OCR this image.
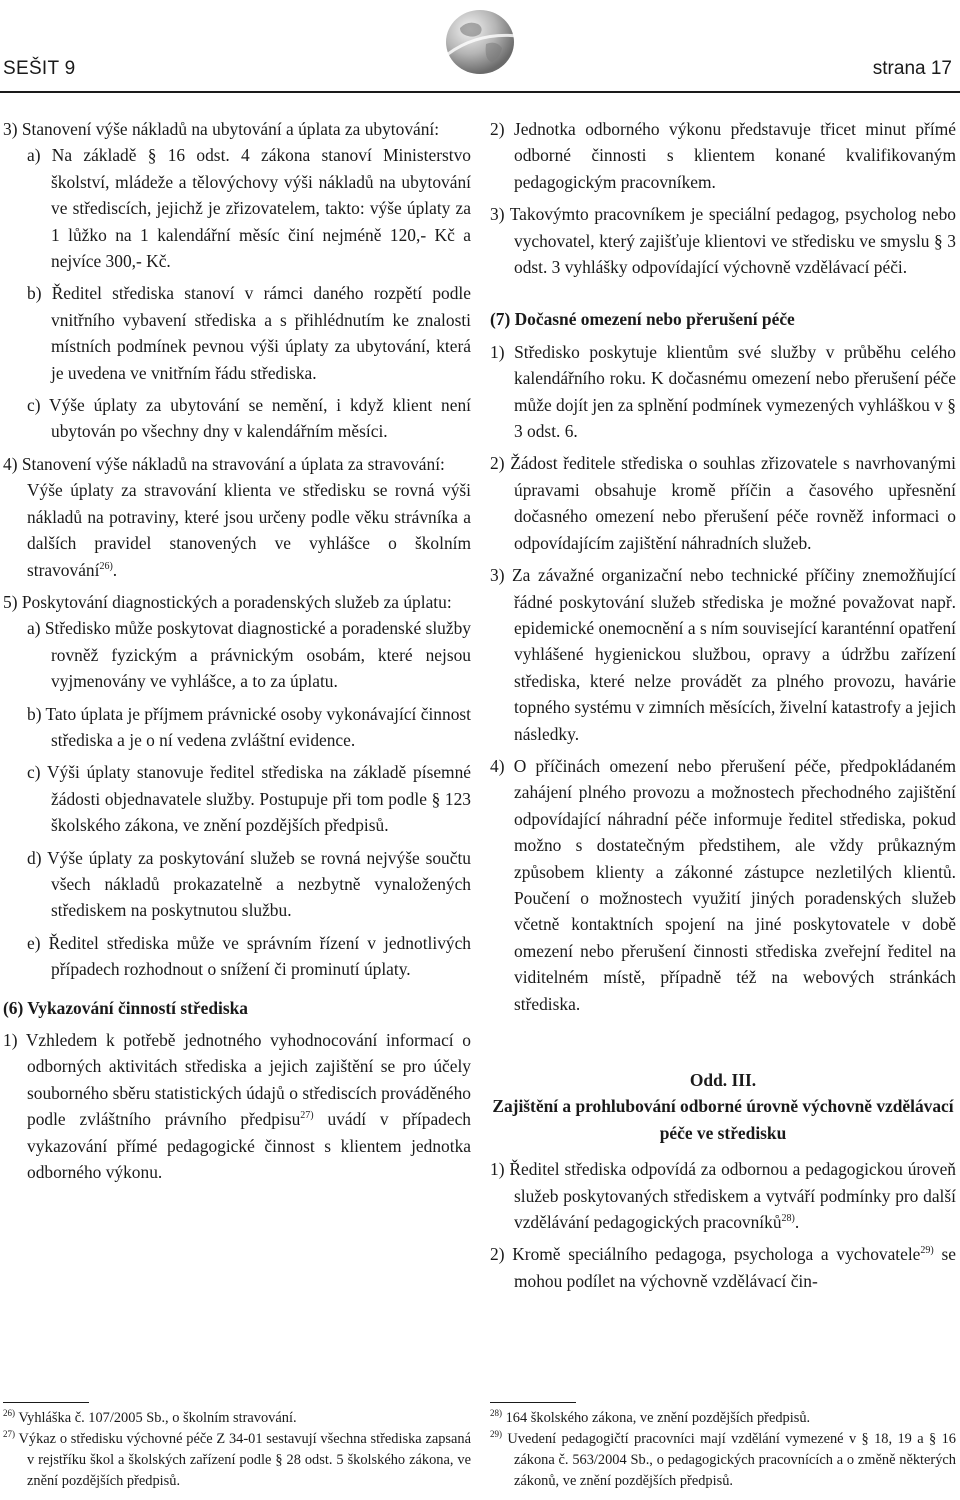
SEŠIT 9	strana 17

3) Stanovení výše nákladů na ubytování a úplata za ubytování:

a) Na základě § 16 odst. 4 zákona stanoví Ministerstvo školství, mládeže a tělovýchovy výši nákladů na ubytování ve střediscích, jejichž je zřizovatelem, takto: výše úplaty za 1 lůžko na 1 kalendářní měsíc činí nejméně 120,- Kč a nejvíce 300,- Kč.

b) Ředitel střediska stanoví v rámci daného rozpětí podle vnitřního vybavení střediska a s přihlédnutím ke znalosti místních podmínek pevnou výši úplaty za ubytování, která je uvedena ve vnitřním řádu střediska.

c) Výše úplaty za ubytování se nemění, i když klient není ubytován po všechny dny v kalendářním měsíci.

4) Stanovení výše nákladů na stravování a úplata za stravování:

Výše úplaty za stravování klienta ve středisku se rovná výši nákladů na potraviny, které jsou určeny podle věku strávníka a dalších pravidel stanovených ve vyhlášce o školním stravování$^{26)}$.

5) Poskytování diagnostických a poradenských služeb za úplatu:

a) Středisko může poskytovat diagnostické a poradenské služby rovněž fyzickým a právnickým osobám, které nejsou vyjmenovány ve vyhlášce, a to za úplatu.

b) Tato úplata je příjmem právnické osoby vykonávající činnost střediska a je o ní vedena zvláštní evidence.

c) Výši úplaty stanovuje ředitel střediska na základě písemné žádosti objednavatele služby. Postupuje při tom podle § 123 školského zákona, ve znění pozdějších předpisů.

d) Výše úplaty za poskytování služeb se rovná nejvýše součtu všech nákladů prokazatelně a nezbytně vynaložených střediskem na poskytnutou službu.

e) Ředitel střediska může ve správním řízení v jednotlivých případech rozhodnout o snížení či prominutí úplaty.

(6) Vykazování činností střediska

1) Vzhledem k potřebě jednotného vyhodnocování informací o odborných aktivitách střediska a jejich zajištění se pro účely souborného sběru statistických údajů o střediscích prováděného podle zvláštního právního předpisu$^{27)}$ uvádí v případech vykazování přímé pedagogické činnost s klientem jednotka odborného výkonu.

$^{26)}$ Vyhláška č. 107/2005 Sb., o školním stravování.

$^{27)}$ Výkaz o středisku výchovné péče Z 34-01 sestavují všechna střediska zapsaná v rejstříku škol a školských zařízení podle § 28 odst. 5 školského zákona, ve znění pozdějších předpisů.

2) Jednotka odborného výkonu představuje třicet minut přímé odborné činnosti s klientem konané kvalifikovaným pedagogickým pracovníkem.

3) Takovýmto pracovníkem je speciální pedagog, psycholog nebo vychovatel, který zajišťuje klientovi ve středisku ve smyslu § 3 odst. 3 vyhlášky odpovídající výchovně vzdělávací péči.

(7) Dočasné omezení nebo přerušení péče

1) Středisko poskytuje klientům své služby v průběhu celého kalendářního roku. K dočasnému omezení nebo přerušení péče může dojít jen za splnění podmínek vymezených vyhláškou v § 3 odst. 6.

2) Žádost ředitele střediska o souhlas zřizovatele s navrhovanými úpravami obsahuje kromě příčin a časového upřesnění dočasného omezení nebo přerušení péče rovněž informaci o odpovídajícím zajištění náhradních služeb.

3) Za závažné organizační nebo technické příčiny znemožňující řádné poskytování služeb střediska je možné považovat např. epidemické onemocnění a s ním související karanténní opatření vyhlášené hygienickou službou, opravy a údržbu zařízení střediska, které nelze provádět za plného provozu, havárie topného systému v zimních měsících, živelní katastrofy a jejich následky.

4) O příčinách omezení nebo přerušení péče, předpokládaném zahájení plného provozu a možnostech přechodného zajištění odpovídající náhradní péče informuje ředitel střediska, pokud možno s dostatečným předstihem, ale vždy průkazným způsobem klienty a zákonné zástupce nezletilých klientů. Poučení o možnostech využití jiných poradenských služeb včetně kontaktních spojení na jiné poskytovatele v době omezení nebo přerušení činnosti střediska zveřejní ředitel na viditelném místě, případně též na webových stránkách střediska.

Odd. III.

Zajištění a prohlubování odborné úrovně výchovně vzdělávací péče ve středisku

1) Ředitel střediska odpovídá za odbornou a pedagogickou úroveň služeb poskytovaných střediskem a vytváří podmínky pro další vzdělávání pedagogických pracovníků$^{28)}$.

2) Kromě speciálního pedagoga, psychologa a vychovatele$^{29)}$ se mohou podílet na výchovně vzdělávací čin-

$^{28)}$ 164 školského zákona, ve znění pozdějších předpisů.

$^{29)}$ Uvedení pedagogičtí pracovníci mají vzdělání vymezené v § 18, 19 a § 16 zákona č. 563/2004 Sb., o pedagogických pracovnících a o změně některých zákonů, ve znění pozdějších předpisů.
